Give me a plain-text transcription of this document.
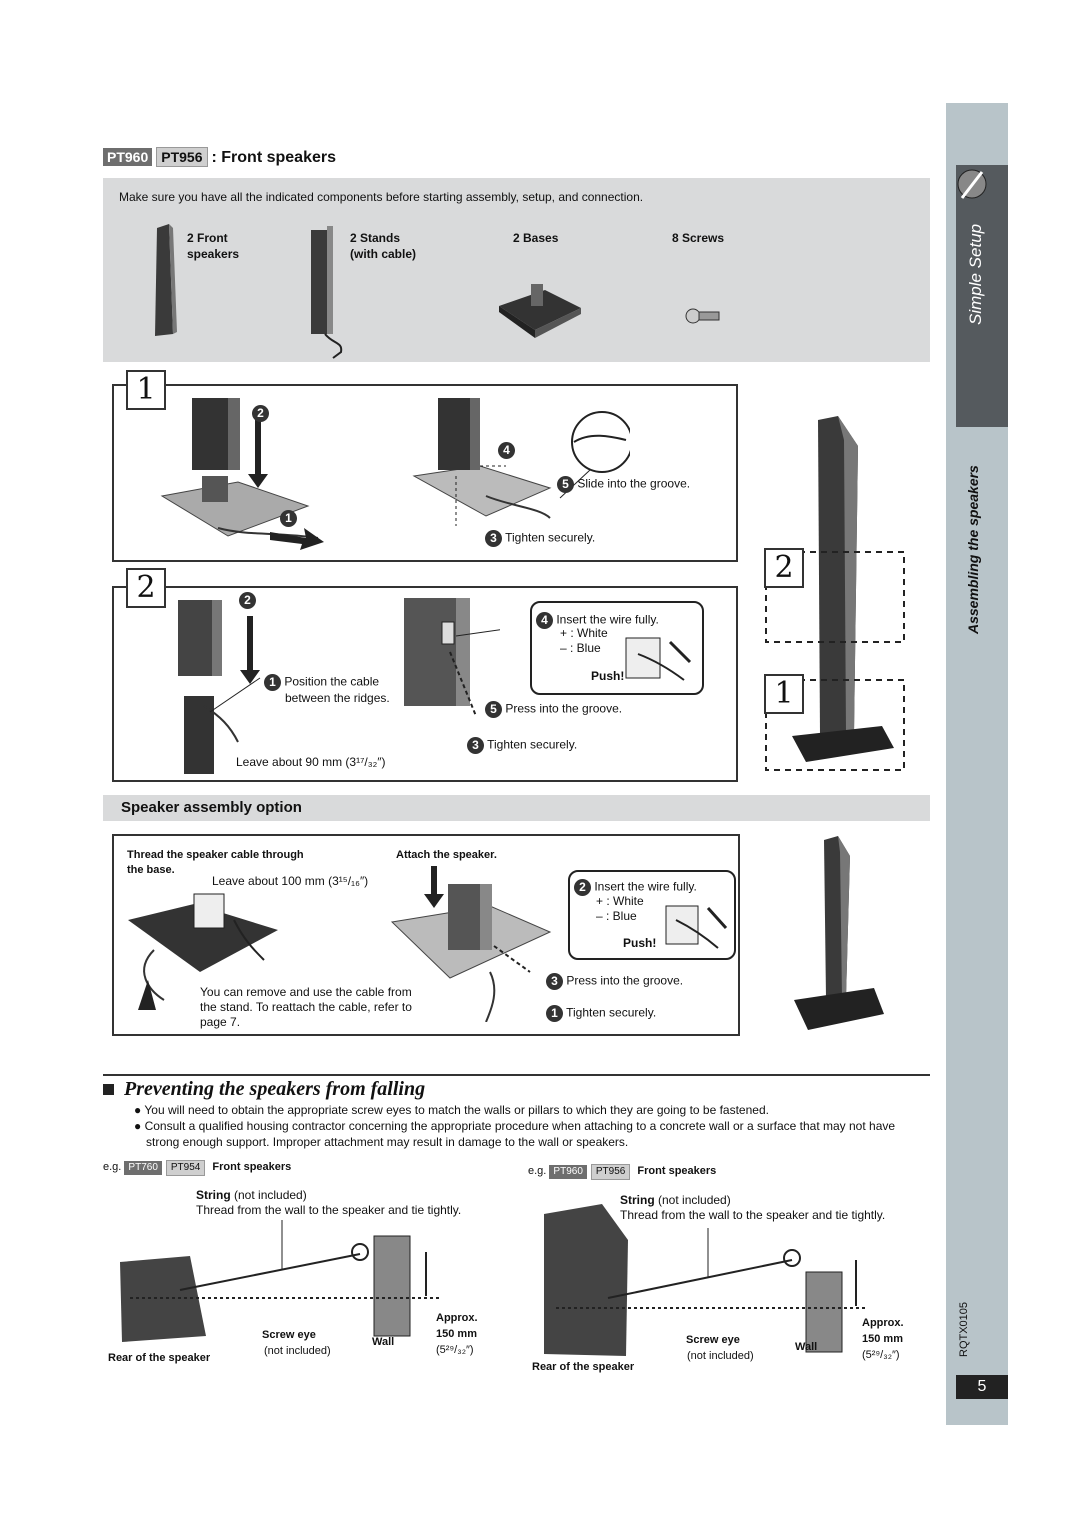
PT960 PT956 : Front speakers
Make sure you have all the indicated components before starting assembly, setup, and connection.
2 Front
speakers
2 Stands
(with cable)
2 Bases	8 Screws
1
2
1
4
5 Slide into the groove.
3 Tighten securely.
2	2
1 Position the cable
between the ridges.
Leave about 90 mm (3¹⁷/₃₂″)
4 Insert the wire fully.
+ : White
– : Blue
Push!
5 Press into the groove.
3 Tighten securely.
2
1
Simple Setup
Assembling the speakers
RQTX0105
5
Speaker assembly option
Thread the speaker cable through
the base.
Leave about 100 mm (3¹⁵/₁₆″)
Attach the speaker.
2 Insert the wire fully.
+ : White
– : Blue
Push!
3 Press into the groove.
1 Tighten securely.
You can remove and use the cable from
the stand. To reattach the cable, refer to
page 7.
Preventing the speakers from falling
● You will need to obtain the appropriate screw eyes to match the walls or pillars to which they are going to be fastened.
● Consult a qualified housing contractor concerning the appropriate procedure when attaching to a concrete wall or a surface that may not have
strong enough support. Improper attachment may result in damage to the wall or speakers.
e.g. PT760 PT954 Front speakers
String (not included)
Thread from the wall to the speaker and tie tightly.
Approx.
150 mm
(5²⁹/₃₂″)
Screw eye
(not included)
Wall
Rear of the speaker
e.g. PT960 PT956 Front speakers
String (not included)
Thread from the wall to the speaker and tie tightly.
Approx.
150 mm
(5²⁹/₃₂″)
Screw eye
(not included)
Wall
Rear of the speaker
